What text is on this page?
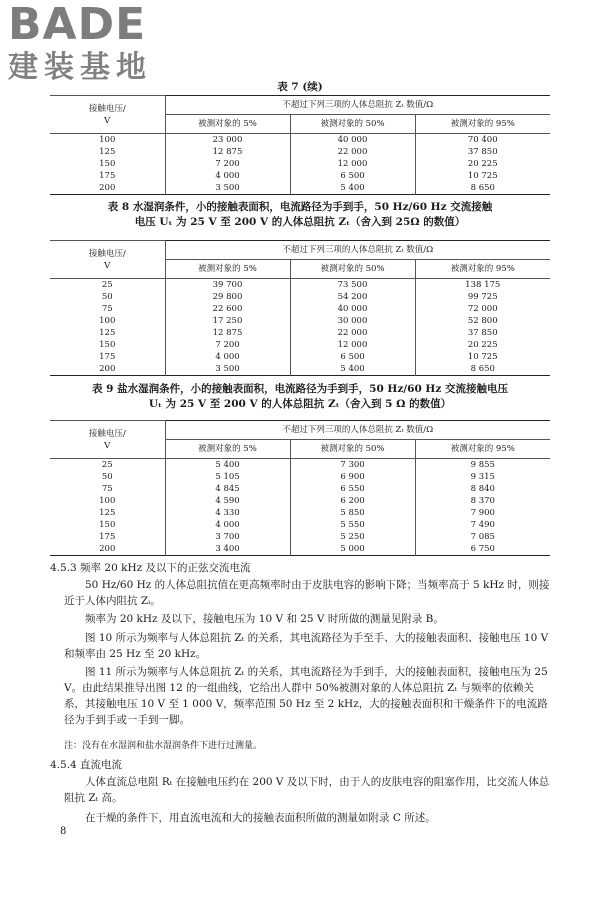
BADE
建装基地
表 7 (续)
接触电压/
V	不超过下列三项的人体总阻抗 Zₜ 数值/Ω		
	被测对象的 5%	被测对象的 50%	被测对象的 95%
100	23 000	40 000	70 400
125	12 875	22 000	37 850
150	7 200	12 000	20 225
175	4 000	6 500	10 725
200	3 500	5 400	8 650
表 8 水湿润条件，小的接触表面积，电流路径为手到手，50 Hz/60 Hz 交流接触
电压 Uₜ 为 25 V 至 200 V 的人体总阻抗 Zₜ（舍入到 25Ω 的数值）
接触电压/
V	不超过下列三项的人体总阻抗 Zₜ 数值/Ω		
	被测对象的 5%	被测对象的 50%	被测对象的 95%
25	39 700	73 500	138 175
50	29 800	54 200	99 725
75	22 600	40 000	72 000
100	17 250	30 000	52 800
125	12 875	22 000	37 850
150	7 200	12 000	20 225
175	4 000	6 500	10 725
200	3 500	5 400	8 650
表 9 盐水湿润条件，小的接触表面积，电流路径为手到手，50 Hz/60 Hz 交流接触电压
Uₜ 为 25 V 至 200 V 的人体总阻抗 Zₜ（舍入到 5 Ω 的数值）
接触电压/
V	不超过下列三项的人体总阻抗 Zₜ 数值/Ω		
	被测对象的 5%	被测对象的 50%	被测对象的 95%
25	5 400	7 300	9 855
50	5 105	6 900	9 315
75	4 845	6 550	8 840
100	4 590	6 200	8 370
125	4 330	5 850	7 900
150	4 000	5 550	7 490
175	3 700	5 250	7 085
200	3 400	5 000	6 750
4.5.3 频率 20 kHz 及以下的正弦交流电流
50 Hz/60 Hz 的人体总阻抗值在更高频率时由于皮肤电容的影响下降；当频率高于 5 kHz 时，则接近于人体内阻抗 Zᵢ。
频率为 20 kHz 及以下，接触电压为 10 V 和 25 V 时所做的测量见附录 B。
图 10 所示为频率与人体总阻抗 Zₜ 的关系，其电流路径为手至手、大的接触表面积、接触电压 10 V 和频率由 25 Hz 至 20 kHz。
图 11 所示为频率与人体总阻抗 Zₜ 的关系，其电流路径为手到手，大的接触表面积，接触电压为 25 V。由此结果推导出图 12 的一组曲线，它给出人群中 50%被测对象的人体总阻抗 Zₜ 与频率的依赖关系，其接触电压 10 V 至 1 000 V，频率范围 50 Hz 至 2 kHz，大的接触表面积和干燥条件下的电流路径为手到手或一手到一脚。
注：没有在水湿润和盐水湿润条件下进行过测量。
4.5.4 直流电流
人体直流总电阻 Rₜ 在接触电压约在 200 V 及以下时，由于人的皮肤电容的阻塞作用，比交流人体总阻抗 Zₜ 高。
在干燥的条件下，用直流电流和大的接触表面积所做的测量如附录 C 所述。
8
